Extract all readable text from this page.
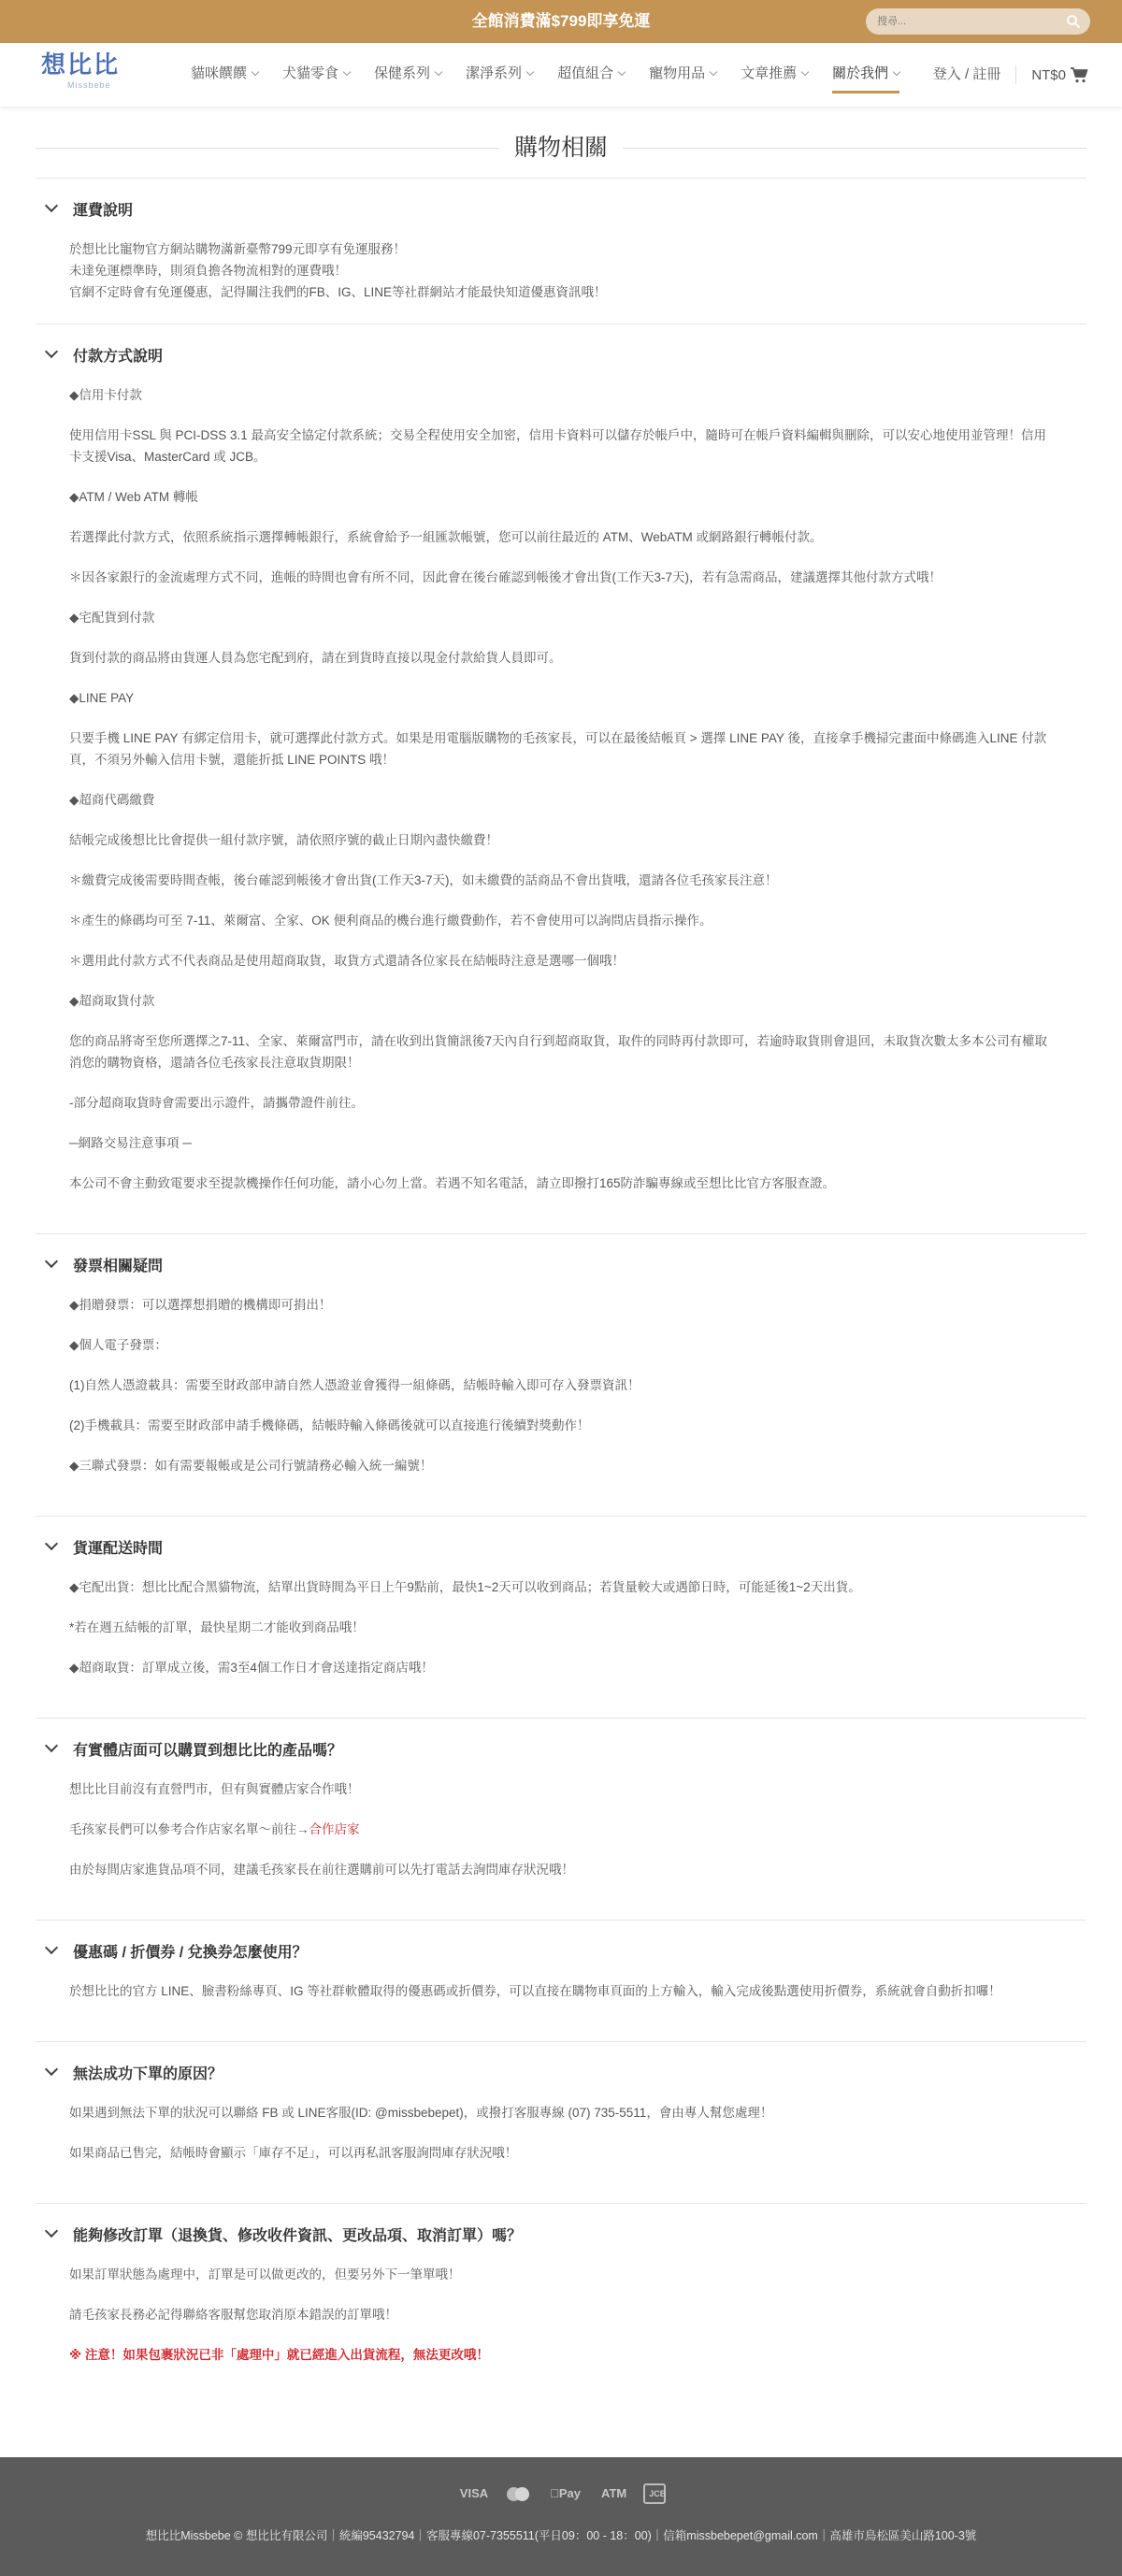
全館消費滿$799即享免運
搜尋...
想比比
Missbebe
貓咪饌饌	犬貓零食	保健系列	潔淨系列	超值組合	寵物用品	文章推薦	關於我們	登入 / 註冊	NT$0
購物相關
運費說明

於想比比寵物官方網站購物滿新臺幣799元即享有免運服務！

未達免運標準時，則須負擔各物流相對的運費哦！

官網不定時會有免運優惠，記得關注我們的FB、IG、LINE等社群網站才能最快知道優惠資訊哦！

付款方式說明

◆信用卡付款

使用信用卡SSL 與 PCI-DSS 3.1 最高安全協定付款系統；交易全程使用安全加密，信用卡資料可以儲存於帳戶中，隨時可在帳戶資料編輯與刪除，可以安心地使用並管理！信用卡支援Visa、MasterCard 或 JCB。

◆ATM / Web ATM 轉帳

若選擇此付款方式，依照系統指示選擇轉帳銀行，系統會給予一組匯款帳號，您可以前往最近的 ATM、WebATM 或網路銀行轉帳付款。

＊因各家銀行的金流處理方式不同，進帳的時間也會有所不同，因此會在後台確認到帳後才會出貨(工作天3-7天)，若有急需商品，建議選擇其他付款方式哦！

◆宅配貨到付款

貨到付款的商品將由貨運人員為您宅配到府，請在到貨時直接以現金付款給貨人員即可。

◆LINE PAY

只要手機 LINE PAY 有綁定信用卡，就可選擇此付款方式。如果是用電腦版購物的毛孩家長，可以在最後結帳頁 > 選擇 LINE PAY 後，直接拿手機掃完畫面中條碼進入LINE 付款頁，不須另外輸入信用卡號，還能折抵 LINE POINTS 哦！

◆超商代碼繳費

結帳完成後想比比會提供一組付款序號，請依照序號的截止日期內盡快繳費！

＊繳費完成後需要時間查帳，後台確認到帳後才會出貨(工作天3-7天)，如未繳費的話商品不會出貨哦，還請各位毛孩家長注意！

＊產生的條碼均可至 7-11、萊爾富、全家、OK 便利商品的機台進行繳費動作，若不會使用可以詢問店員指示操作。

＊選用此付款方式不代表商品是使用超商取貨，取貨方式還請各位家長在結帳時注意是選哪一個哦！

◆超商取貨付款

您的商品將寄至您所選擇之7-11、全家、萊爾富門市，請在收到出貨簡訊後7天內自行到超商取貨，取件的同時再付款即可，若逾時取貨則會退回，未取貨次數太多本公司有權取消您的購物資格，還請各位毛孩家長注意取貨期限！

-部分超商取貨時會需要出示證件，請攜帶證件前往。

─網路交易注意事項 ─

本公司不會主動致電要求至提款機操作任何功能，請小心勿上當。若遇不知名電話，請立即撥打165防詐騙專線或至想比比官方客服查證。

發票相關疑問

◆捐贈發票：可以選擇想捐贈的機構即可捐出！

◆個人電子發票：

(1)自然人憑證載具：需要至財政部申請自然人憑證並會獲得一組條碼，結帳時輸入即可存入發票資訊！

(2)手機載具：需要至財政部申請手機條碼，結帳時輸入條碼後就可以直接進行後續對獎動作！

◆三聯式發票：如有需要報帳或是公司行號請務必輸入統一編號！

貨運配送時間

◆宅配出貨：想比比配合黑貓物流，結單出貨時間為平日上午9點前，最快1~2天可以收到商品；若貨量較大或遇節日時，可能延後1~2天出貨。

*若在週五結帳的訂單，最快星期二才能收到商品哦！

◆超商取貨：訂單成立後，需3至4個工作日才會送達指定商店哦！

有實體店面可以購買到想比比的產品嗎？

想比比目前沒有直營門市，但有與實體店家合作哦！

毛孩家長們可以參考合作店家名單〜前往→合作店家

由於每間店家進貨品項不同，建議毛孩家長在前往選購前可以先打電話去詢問庫存狀況哦！

優惠碼 / 折價券 / 兌換券怎麼使用？

於想比比的官方 LINE、臉書粉絲專頁、IG 等社群軟體取得的優惠碼或折價券，可以直接在購物車頁面的上方輸入，輸入完成後點選使用折價券，系統就會自動折扣囉！

無法成功下單的原因？

如果遇到無法下單的狀況可以聯絡 FB 或 LINE客服(ID: @missbebepet)，或撥打客服專線 (07) 735-5511，會由專人幫您處理！

如果商品已售完，結帳時會顯示「庫存不足」，可以再私訊客服詢問庫存狀況哦！

能夠修改訂單（退換貨、修改收件資訊、更改品項、取消訂單）嗎？

如果訂單狀態為處理中，訂單是可以做更改的，但要另外下一筆單哦！

請毛孩家長務必記得聯絡客服幫您取消原本錯誤的訂單哦！

※ 注意！如果包裹狀況已非「處理中」就已經進入出貨流程，無法更改哦！

VISA	Pay	ATM	JCB
想比比Missbebe © 想比比有限公司｜統編95432794｜客服專線07-7355511(平日09：00 - 18：00)｜信箱missbebepet@gmail.com｜高雄市鳥松區美山路100-3號
